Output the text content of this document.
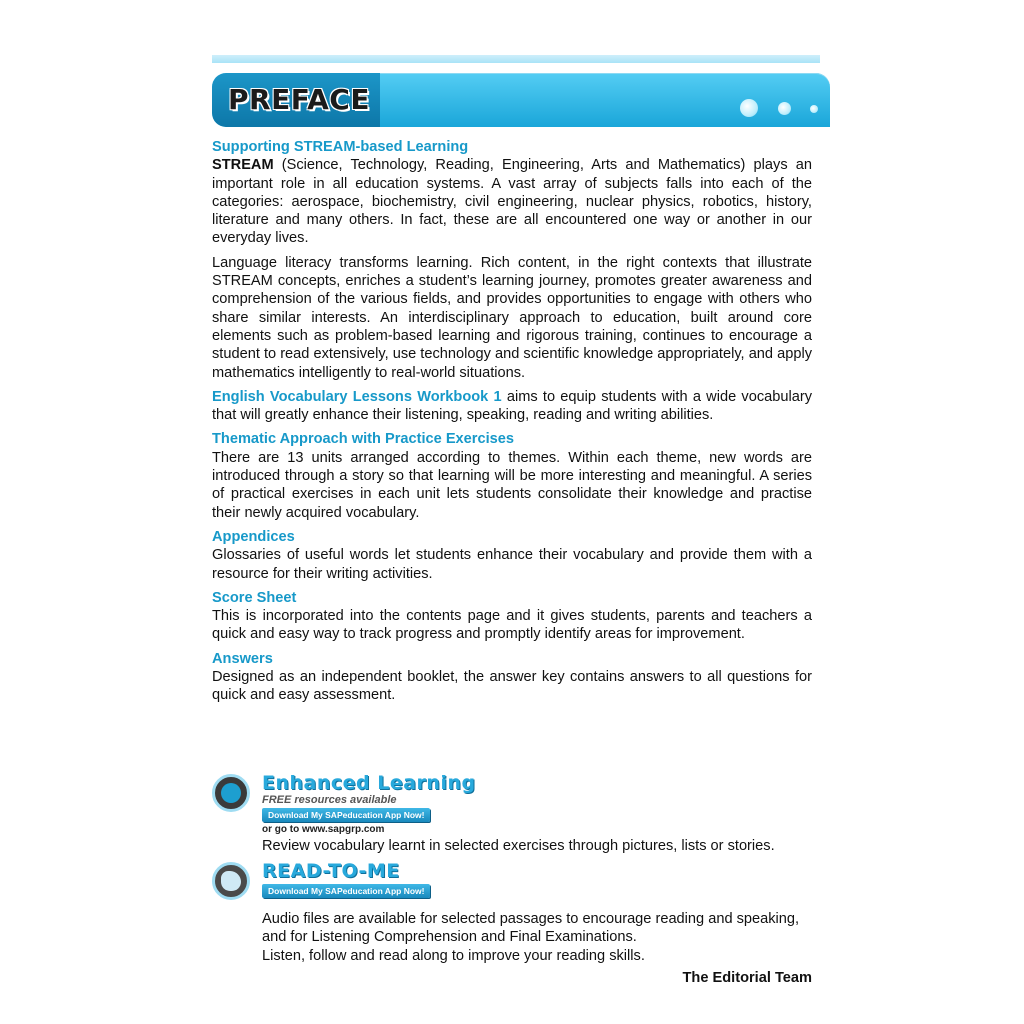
PREFACE
Supporting STREAM-based Learning

STREAM (Science, Technology, Reading, Engineering, Arts and Mathematics) plays an important role in all education systems. A vast array of subjects falls into each of the categories: aerospace, biochemistry, civil engineering, nuclear physics, robotics, history, literature and many others. In fact, these are all encountered one way or another in our everyday lives.

Language literacy transforms learning. Rich content, in the right contexts that illustrate STREAM concepts, enriches a student’s learning journey, promotes greater awareness and comprehension of the various fields, and provides opportunities to engage with others who share similar interests. An interdisciplinary approach to education, built around core elements such as problem-based learning and rigorous training, continues to encourage a student to read extensively, use technology and scientific knowledge appropriately, and apply mathematics intelligently to real-world situations.

English Vocabulary Lessons Workbook 1 aims to equip students with a wide vocabulary that will greatly enhance their listening, speaking, reading and writing abilities.

Thematic Approach with Practice Exercises

There are 13 units arranged according to themes. Within each theme, new words are introduced through a story so that learning will be more interesting and meaningful. A series of practical exercises in each unit lets students consolidate their knowledge and practise their newly acquired vocabulary.

Appendices

Glossaries of useful words let students enhance their vocabulary and provide them with a resource for their writing activities.

Score Sheet

This is incorporated into the contents page and it gives students, parents and teachers a quick and easy way to track progress and promptly identify areas for improvement.

Answers

Designed as an independent booklet, the answer key contains answers to all questions for quick and easy assessment.

Enhanced Learning
FREE resources available
Download My SAPeducation App Now!
or go to www.sapgrp.com
Review vocabulary learnt in selected exercises through pictures, lists or stories.
READ-TO-ME
Download My SAPeducation App Now!
Audio files are available for selected passages to encourage reading and speaking, and for Listening Comprehension and Final Examinations.
Listen, follow and read along to improve your reading skills.
The Editorial Team
